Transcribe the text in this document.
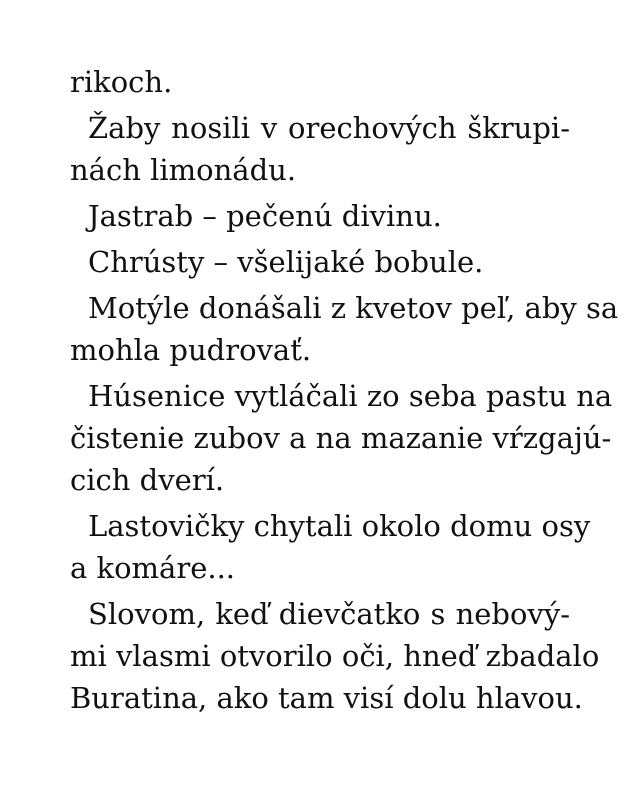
rikoch.
Žaby nosili v orechových škrupi-
nách limonádu.
Jastrab – pečenú divinu.
Chrústy – všelijaké bobule.
Motýle donášali z kvetov peľ, aby sa
mohla pudrovať.
Húsenice vytláčali zo seba pastu na
čistenie zubov a na mazanie vŕzgajú-
cich dverí.
Lastovičky chytali okolo domu osy
a komáre...
Slovom, keď dievčatko s nebový-
mi vlasmi otvorilo oči, hneď zbadalo
Buratina, ako tam visí dolu hlavou.
